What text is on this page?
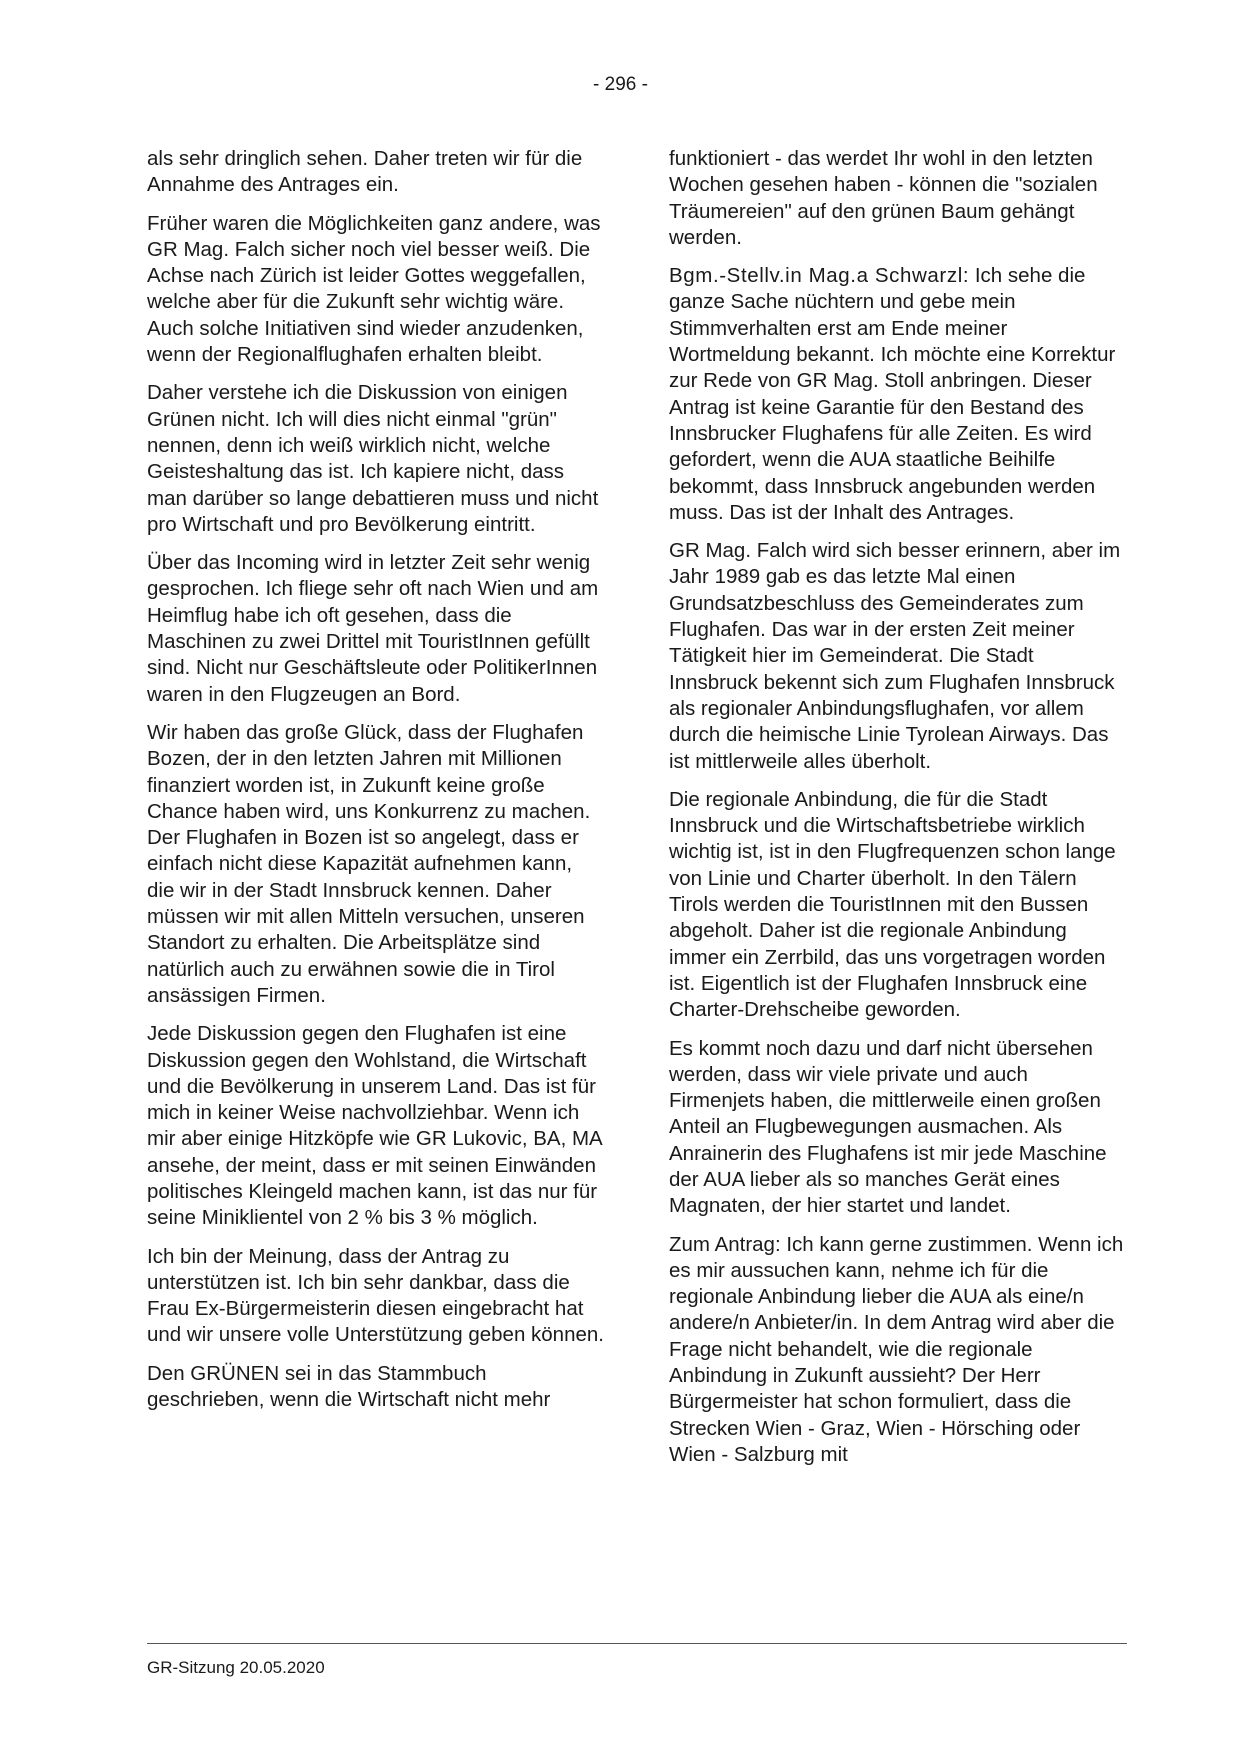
- 296 -

als sehr dringlich sehen. Daher treten wir für die Annahme des Antrages ein.

Früher waren die Möglichkeiten ganz andere, was GR Mag. Falch sicher noch viel besser weiß. Die Achse nach Zürich ist leider Gottes weggefallen, welche aber für die Zukunft sehr wichtig wäre. Auch solche Initiativen sind wieder anzudenken, wenn der Regionalflughafen erhalten bleibt.

Daher verstehe ich die Diskussion von einigen Grünen nicht. Ich will dies nicht einmal "grün" nennen, denn ich weiß wirklich nicht, welche Geisteshaltung das ist. Ich kapiere nicht, dass man darüber so lange debattieren muss und nicht pro Wirtschaft und pro Bevölkerung eintritt.

Über das Incoming wird in letzter Zeit sehr wenig gesprochen. Ich fliege sehr oft nach Wien und am Heimflug habe ich oft gesehen, dass die Maschinen zu zwei Drittel mit TouristInnen gefüllt sind. Nicht nur Geschäftsleute oder PolitikerInnen waren in den Flugzeugen an Bord.

Wir haben das große Glück, dass der Flughafen Bozen, der in den letzten Jahren mit Millionen finanziert worden ist, in Zukunft keine große Chance haben wird, uns Konkurrenz zu machen. Der Flughafen in Bozen ist so angelegt, dass er einfach nicht diese Kapazität aufnehmen kann, die wir in der Stadt Innsbruck kennen. Daher müssen wir mit allen Mitteln versuchen, unseren Standort zu erhalten. Die Arbeitsplätze sind natürlich auch zu erwähnen sowie die in Tirol ansässigen Firmen.

Jede Diskussion gegen den Flughafen ist eine Diskussion gegen den Wohlstand, die Wirtschaft und die Bevölkerung in unserem Land. Das ist für mich in keiner Weise nachvollziehbar. Wenn ich mir aber einige Hitzköpfe wie GR Lukovic, BA, MA ansehe, der meint, dass er mit seinen Einwänden politisches Kleingeld machen kann, ist das nur für seine Miniklientel von 2 % bis 3 % möglich.

Ich bin der Meinung, dass der Antrag zu unterstützen ist. Ich bin sehr dankbar, dass die Frau Ex-Bürgermeisterin diesen eingebracht hat und wir unsere volle Unterstützung geben können.

Den GRÜNEN sei in das Stammbuch geschrieben, wenn die Wirtschaft nicht mehr

funktioniert - das werdet Ihr wohl in den letzten Wochen gesehen haben - können die "sozialen Träumereien" auf den grünen Baum gehängt werden.

Bgm.-Stellv.in Mag.a Schwarzl: Ich sehe die ganze Sache nüchtern und gebe mein Stimmverhalten erst am Ende meiner Wortmeldung bekannt. Ich möchte eine Korrektur zur Rede von GR Mag. Stoll anbringen. Dieser Antrag ist keine Garantie für den Bestand des Innsbrucker Flughafens für alle Zeiten. Es wird gefordert, wenn die AUA staatliche Beihilfe bekommt, dass Innsbruck angebunden werden muss. Das ist der Inhalt des Antrages.

GR Mag. Falch wird sich besser erinnern, aber im Jahr 1989 gab es das letzte Mal einen Grundsatzbeschluss des Gemeinderates zum Flughafen. Das war in der ersten Zeit meiner Tätigkeit hier im Gemeinderat. Die Stadt Innsbruck bekennt sich zum Flughafen Innsbruck als regionaler Anbindungsflughafen, vor allem durch die heimische Linie Tyrolean Airways. Das ist mittlerweile alles überholt.

Die regionale Anbindung, die für die Stadt Innsbruck und die Wirtschaftsbetriebe wirklich wichtig ist, ist in den Flugfrequenzen schon lange von Linie und Charter überholt. In den Tälern Tirols werden die TouristInnen mit den Bussen abgeholt. Daher ist die regionale Anbindung immer ein Zerrbild, das uns vorgetragen worden ist. Eigentlich ist der Flughafen Innsbruck eine Charter-Drehscheibe geworden.

Es kommt noch dazu und darf nicht übersehen werden, dass wir viele private und auch Firmenjets haben, die mittlerweile einen großen Anteil an Flugbewegungen ausmachen. Als Anrainerin des Flughafens ist mir jede Maschine der AUA lieber als so manches Gerät eines Magnaten, der hier startet und landet.

Zum Antrag: Ich kann gerne zustimmen. Wenn ich es mir aussuchen kann, nehme ich für die regionale Anbindung lieber die AUA als eine/n andere/n Anbieter/in. In dem Antrag wird aber die Frage nicht behandelt, wie die regionale Anbindung in Zukunft aussieht? Der Herr Bürgermeister hat schon formuliert, dass die Strecken Wien - Graz, Wien - Hörsching oder Wien - Salzburg mit

GR-Sitzung 20.05.2020
